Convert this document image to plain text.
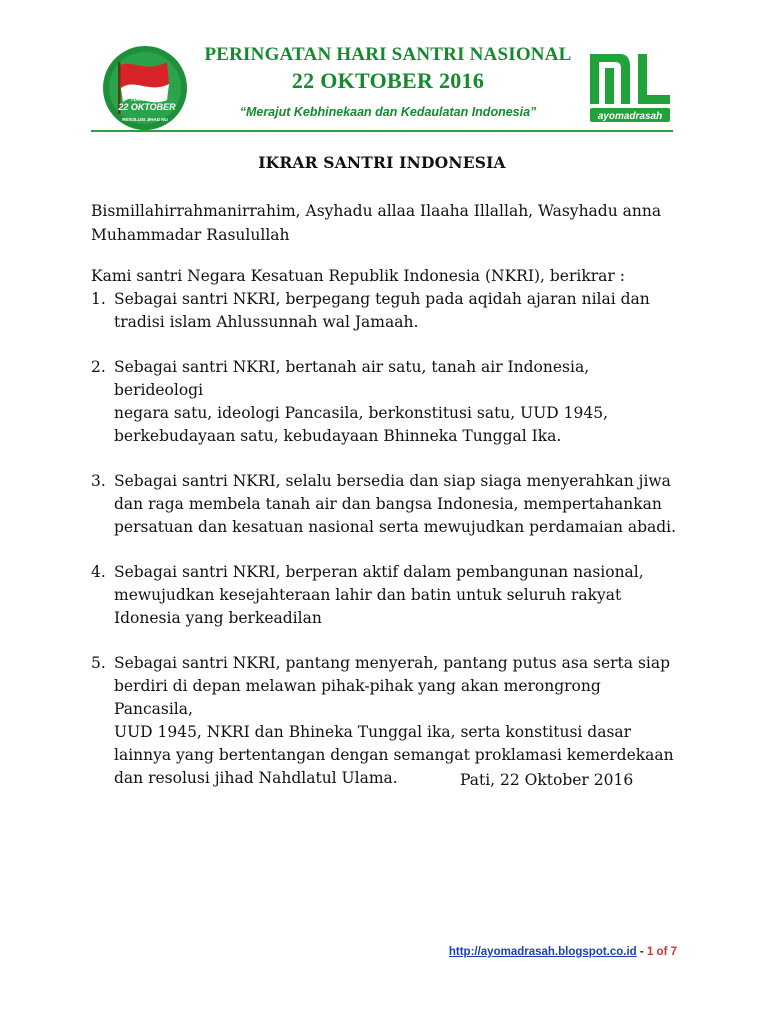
HARI SANTRI
22 OKTOBER
RESOLUSI JIHAD NU
PERINGATAN HARI SANTRI NASIONAL
22 OKTOBER 2016
“Merajut Kebhinekaan dan Kedaulatan Indonesia”	ayomadrasah
IKRAR SANTRI INDONESIA
Bismillahirrahmanirrahim, Asyhadu allaa Ilaaha Illallah, Wasyhadu anna
Muhammadar Rasulullah
Kami santri Negara Kesatuan Republik Indonesia (NKRI), berikrar :
1. Sebagai santri NKRI, berpegang teguh pada aqidah ajaran nilai dan
tradisi islam Ahlussunnah wal Jamaah.
2. Sebagai santri NKRI, bertanah air satu, tanah air Indonesia, berideologi
negara satu, ideologi Pancasila, berkonstitusi satu, UUD 1945,
berkebudayaan satu, kebudayaan Bhinneka Tunggal Ika.
3. Sebagai santri NKRI, selalu bersedia dan siap siaga menyerahkan jiwa
dan raga membela tanah air dan bangsa Indonesia, mempertahankan
persatuan dan kesatuan nasional serta mewujudkan perdamaian abadi.
4. Sebagai santri NKRI, berperan aktif dalam pembangunan nasional,
mewujudkan kesejahteraan lahir dan batin untuk seluruh rakyat
Idonesia yang berkeadilan
5. Sebagai santri NKRI, pantang menyerah, pantang putus asa serta siap
berdiri di depan melawan pihak-pihak yang akan merongrong Pancasila,
UUD 1945, NKRI dan Bhineka Tunggal ika, serta konstitusi dasar
lainnya yang bertentangan dengan semangat proklamasi kemerdekaan
dan resolusi jihad Nahdlatul Ulama.	Pati, 22 Oktober 2016
http://ayomadrasah.blogspot.co.id - 1 of 7
